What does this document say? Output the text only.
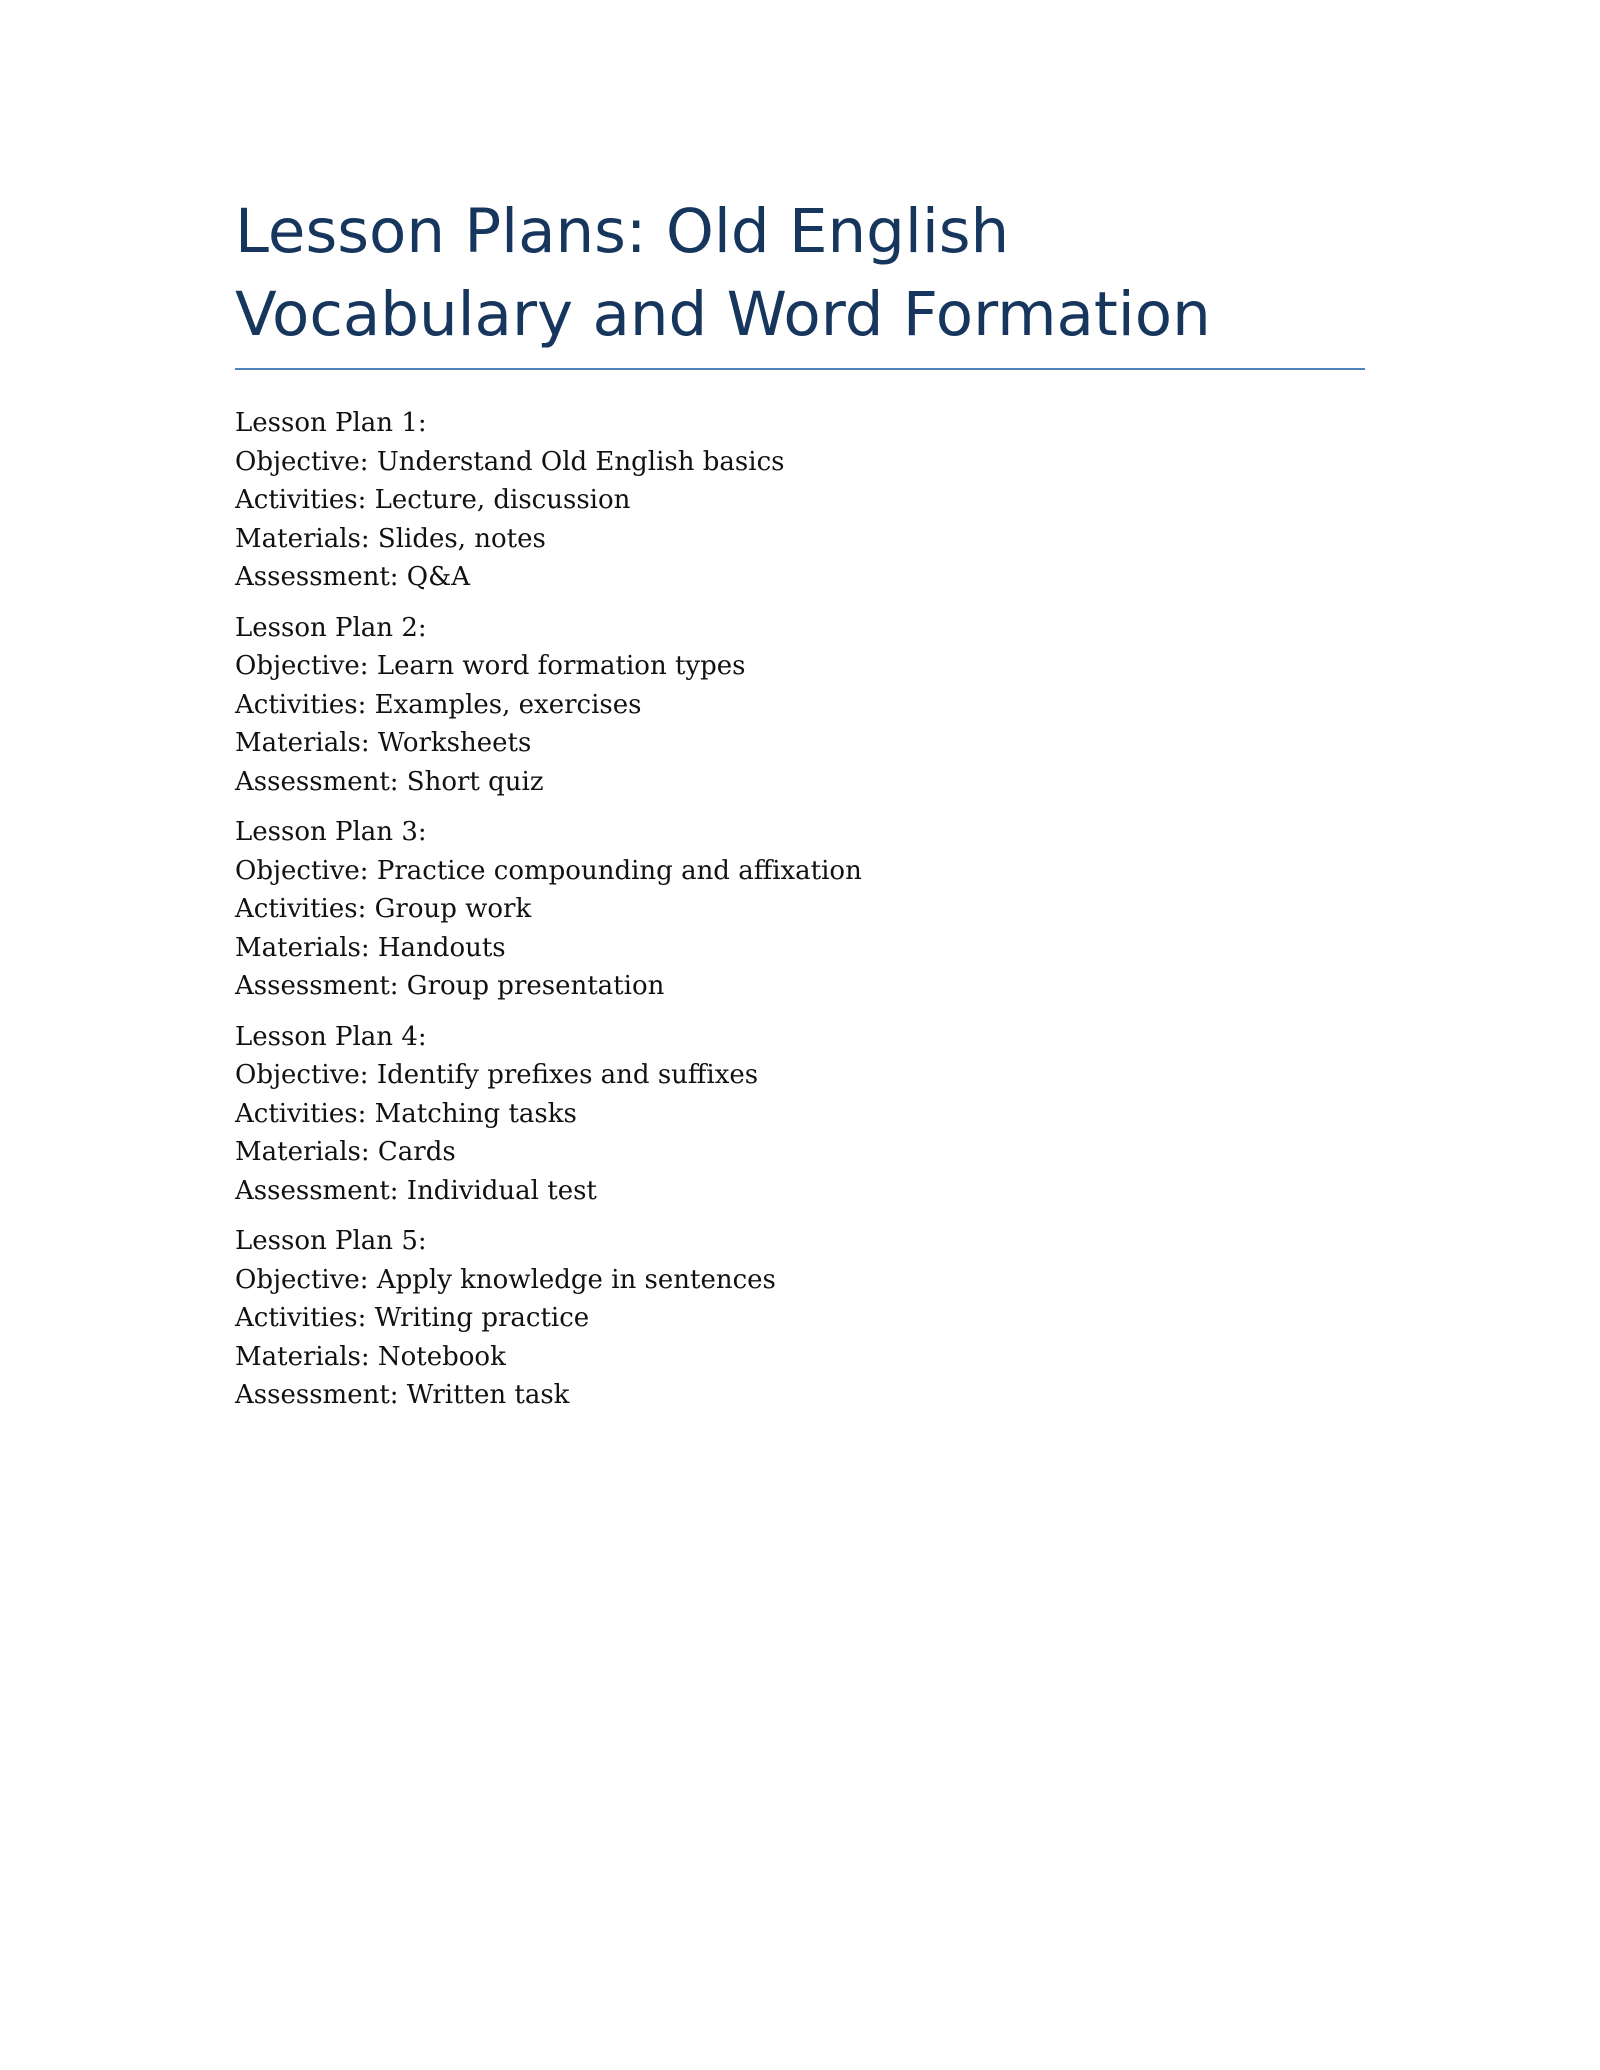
Lesson Plans: Old English Vocabulary and Word Formation
Lesson Plan 1:
Objective: Understand Old English basics
Activities: Lecture, discussion
Materials: Slides, notes
Assessment: Q&A
Lesson Plan 2:
Objective: Learn word formation types
Activities: Examples, exercises
Materials: Worksheets
Assessment: Short quiz
Lesson Plan 3:
Objective: Practice compounding and affixation
Activities: Group work
Materials: Handouts
Assessment: Group presentation
Lesson Plan 4:
Objective: Identify prefixes and suffixes
Activities: Matching tasks
Materials: Cards
Assessment: Individual test
Lesson Plan 5:
Objective: Apply knowledge in sentences
Activities: Writing practice
Materials: Notebook
Assessment: Written task
